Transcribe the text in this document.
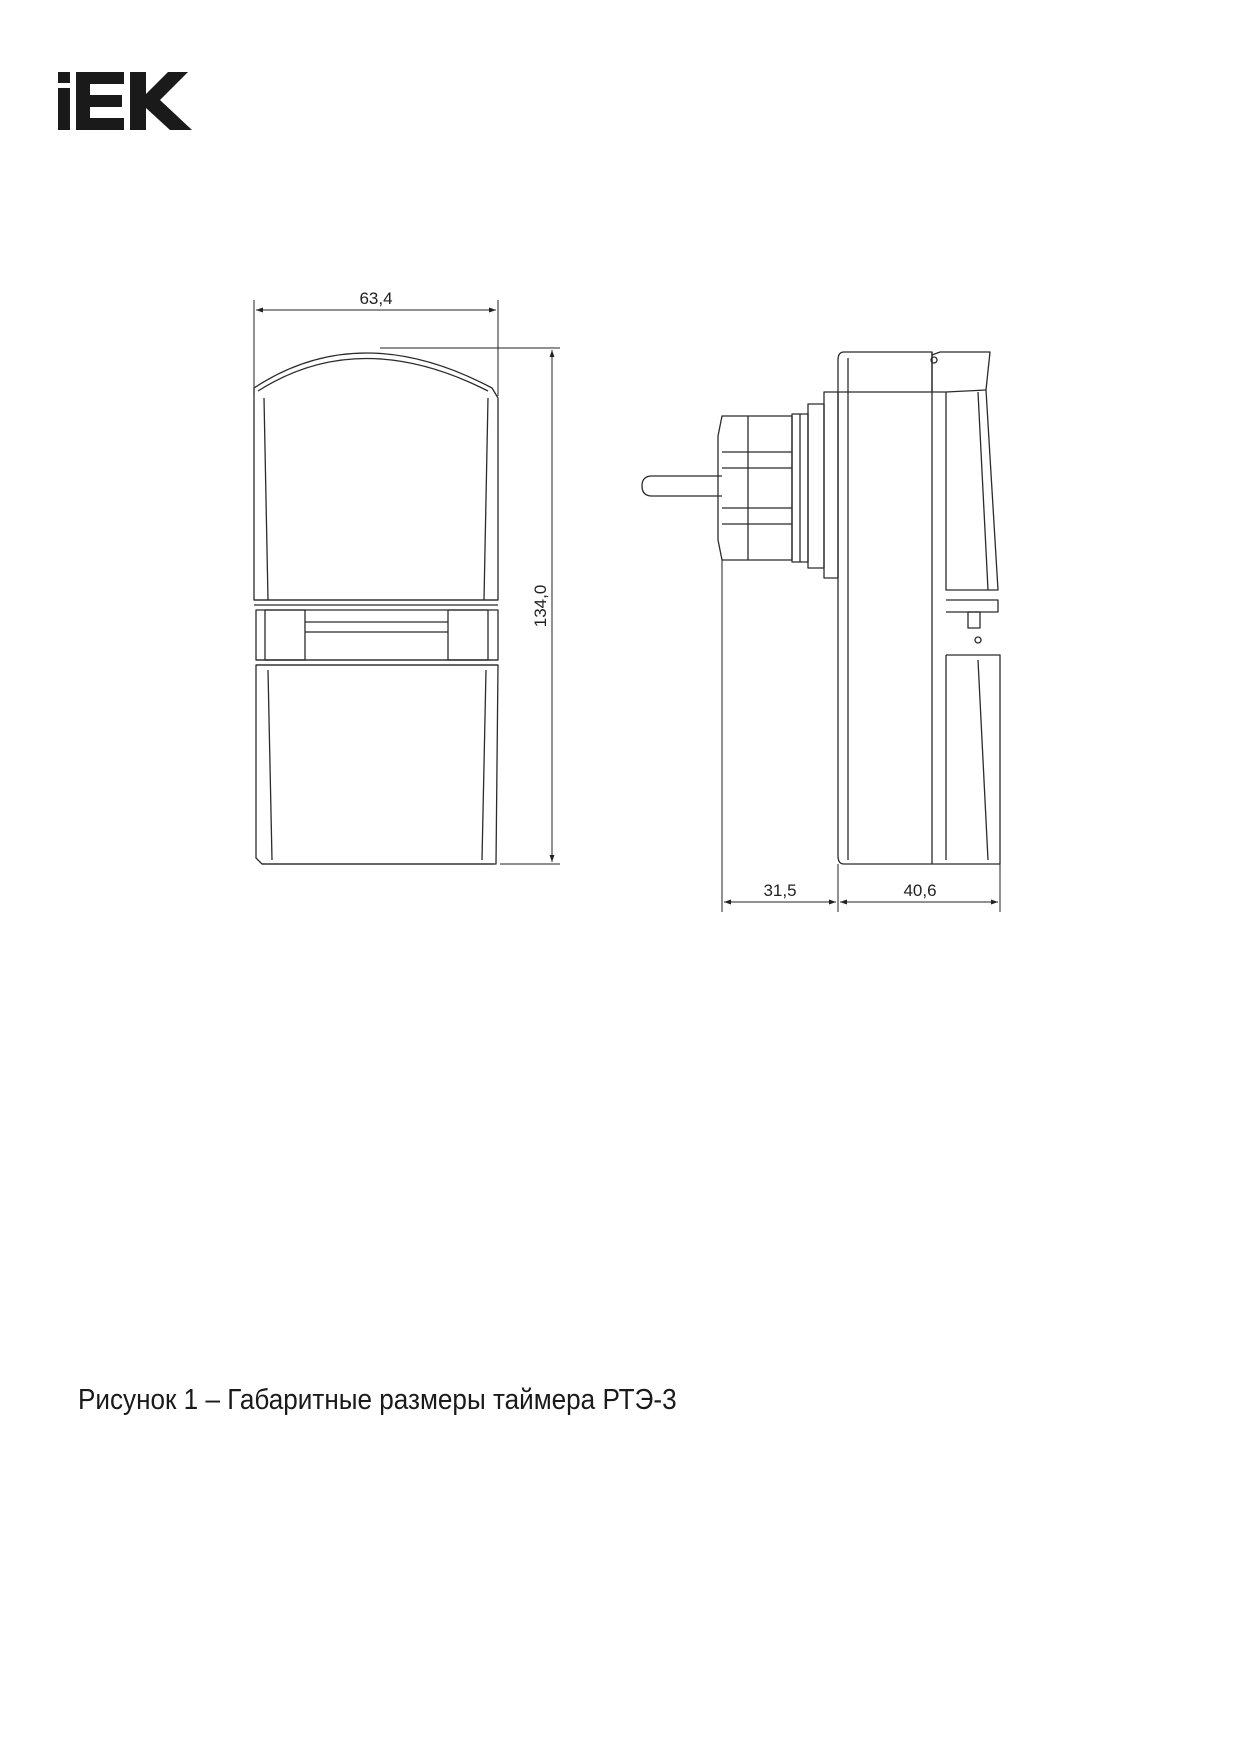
63,4
134,0
31,5	40,6
Рисунок 1 – Габаритные размеры таймера РТЭ-3
